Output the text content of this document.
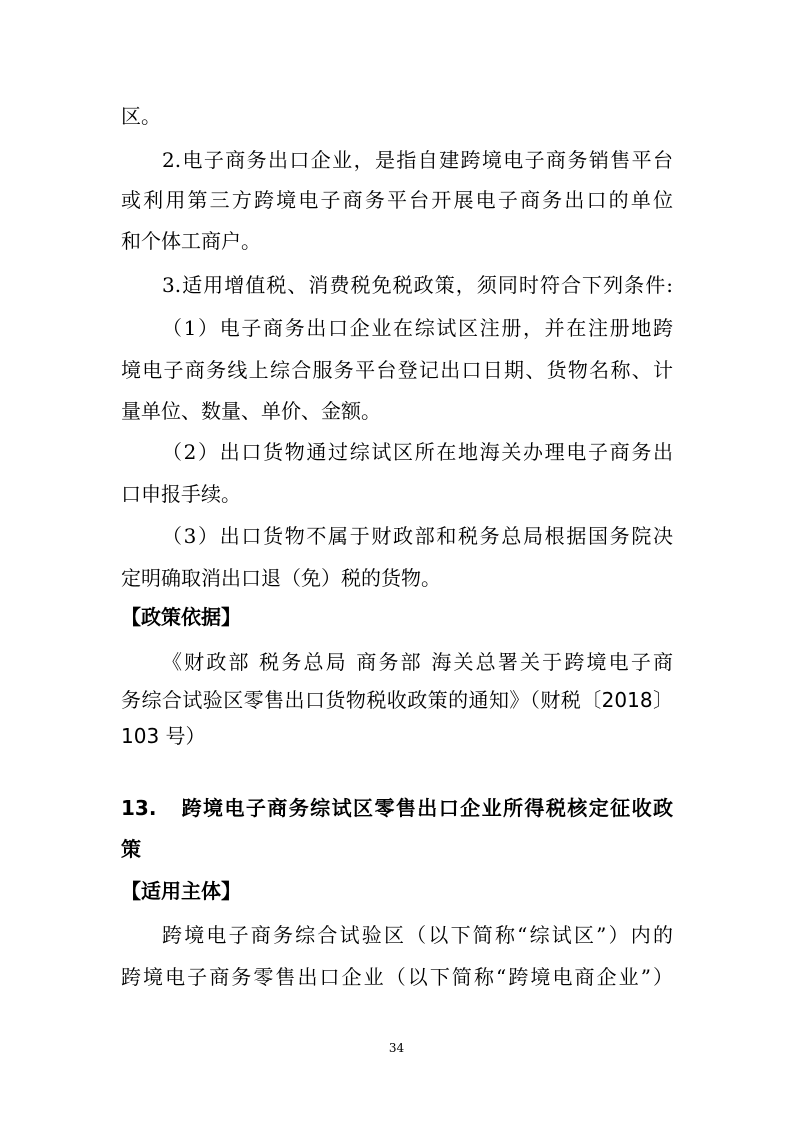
区。
2.电子商务出口企业，是指自建跨境电子商务销售平台
或利用第三方跨境电子商务平台开展电子商务出口的单位
和个体工商户。
3.适用增值税、消费税免税政策，须同时符合下列条件:
（1）电子商务出口企业在综试区注册，并在注册地跨
境电子商务线上综合服务平台登记出口日期、货物名称、计
量单位、数量、单价、金额。
（2）出口货物通过综试区所在地海关办理电子商务出
口申报手续。
（3）出口货物不属于财政部和税务总局根据国务院决
定明确取消出口退（免）税的货物。
【政策依据】
《财政部 税务总局 商务部 海关总署关于跨境电子商
务综合试验区零售出口货物税收政策的通知》（财税〔2018〕
103 号）
13.   跨境电子商务综试区零售出口企业所得税核定征收政
策
【适用主体】
跨境电子商务综合试验区（以下简称“综试区”）内的
跨境电子商务零售出口企业（以下简称“跨境电商企业”）
34
